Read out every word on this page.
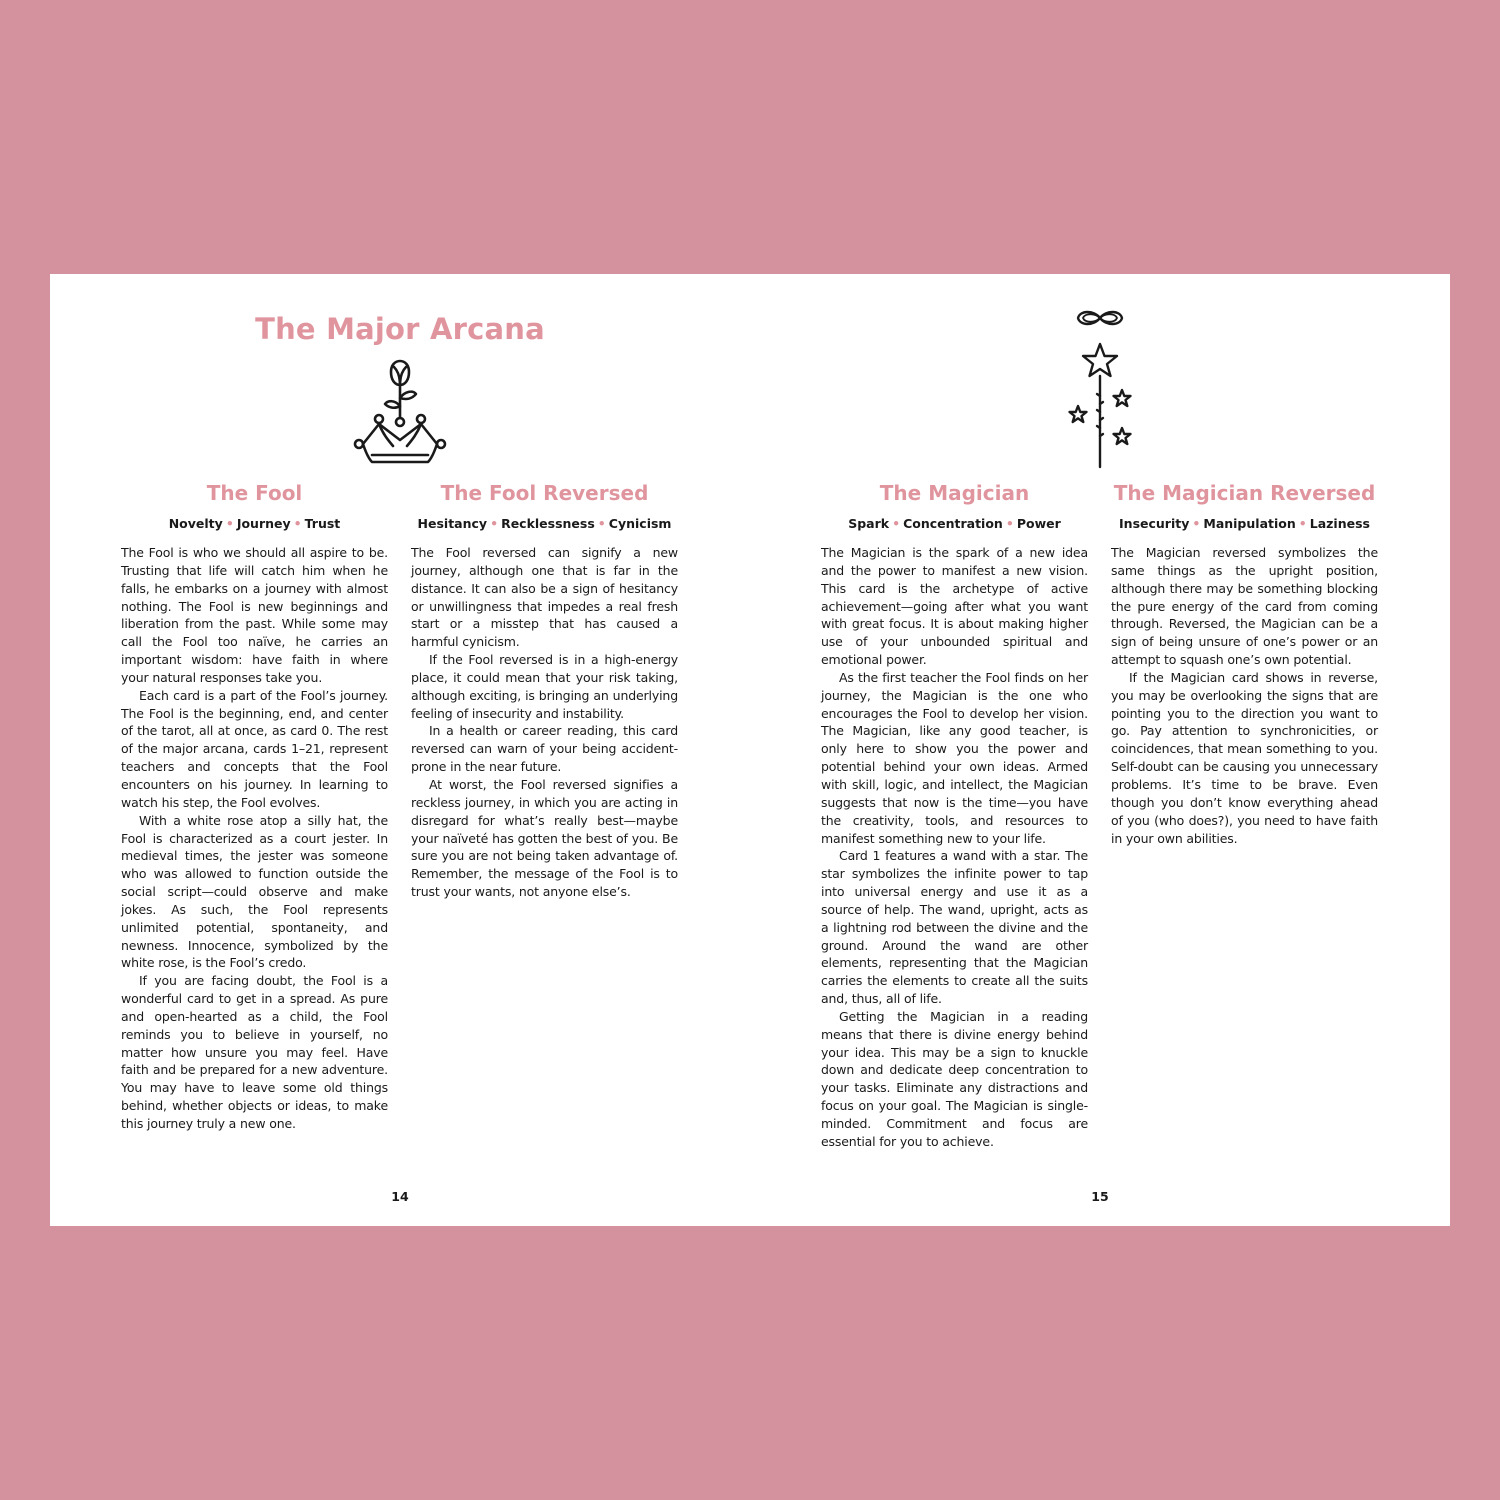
The Major Arcana
The Fool
Novelty • Journey • Trust

The Fool is who we should all aspire to be. Trusting that life will catch him when he falls, he embarks on a journey with almost nothing. The Fool is new beginnings and liberation from the past. While some may call the Fool too naïve, he carries an important wisdom: have faith in where your natural responses take you.

Each card is a part of the Fool’s journey. The Fool is the beginning, end, and center of the tarot, all at once, as card 0. The rest of the major arcana, cards 1–21, represent teachers and concepts that the Fool encounters on his journey. In learning to watch his step, the Fool evolves.

With a white rose atop a silly hat, the Fool is characterized as a court jester. In medieval times, the jester was someone who was allowed to function outside the social script—could observe and make jokes. As such, the Fool represents unlimited potential, spontaneity, and newness. Innocence, symbolized by the white rose, is the Fool’s credo.

If you are facing doubt, the Fool is a wonderful card to get in a spread. As pure and open-hearted as a child, the Fool reminds you to believe in yourself, no matter how unsure you may feel. Have faith and be prepared for a new adventure. You may have to leave some old things behind, whether objects or ideas, to make this journey truly a new one.

The Fool Reversed
Hesitancy • Recklessness • Cynicism

The Fool reversed can signify a new journey, although one that is far in the distance. It can also be a sign of hesitancy or unwillingness that impedes a real fresh start or a misstep that has caused a harmful cynicism.

If the Fool reversed is in a high-energy place, it could mean that your risk taking, although exciting, is bringing an underlying feeling of insecurity and instability.

In a health or career reading, this card reversed can warn of your being accident-prone in the near future.

At worst, the Fool reversed signifies a reckless journey, in which you are acting in disregard for what’s really best—maybe your naïveté has gotten the best of you. Be sure you are not being taken advantage of. Remember, the message of the Fool is to trust your wants, not anyone else’s.

14
The Magician
Spark • Concentration • Power

The Magician is the spark of a new idea and the power to manifest a new vision. This card is the archetype of active achievement—going after what you want with great focus. It is about making higher use of your unbounded spiritual and emotional power.

As the first teacher the Fool finds on her journey, the Magician is the one who encourages the Fool to develop her vision. The Magician, like any good teacher, is only here to show you the power and potential behind your own ideas. Armed with skill, logic, and intellect, the Magician suggests that now is the time—you have the creativity, tools, and resources to manifest something new to your life.

Card 1 features a wand with a star. The star symbolizes the infinite power to tap into universal energy and use it as a source of help. The wand, upright, acts as a lightning rod between the divine and the ground. Around the wand are other elements, representing that the Magician carries the elements to create all the suits and, thus, all of life.

Getting the Magician in a reading means that there is divine energy behind your idea. This may be a sign to knuckle down and dedicate deep concentration to your tasks. Eliminate any distractions and focus on your goal. The Magician is single-minded. Commitment and focus are essential for you to achieve.

The Magician Reversed
Insecurity • Manipulation • Laziness

The Magician reversed symbolizes the same things as the upright position, although there may be something blocking the pure energy of the card from coming through. Reversed, the Magician can be a sign of being unsure of one’s power or an attempt to squash one’s own potential.

If the Magician card shows in reverse, you may be overlooking the signs that are pointing you to the direction you want to go. Pay attention to synchronicities, or coincidences, that mean something to you. Self-doubt can be causing you unnecessary problems. It’s time to be brave. Even though you don’t know everything ahead of you (who does?), you need to have faith in your own abilities.

15
